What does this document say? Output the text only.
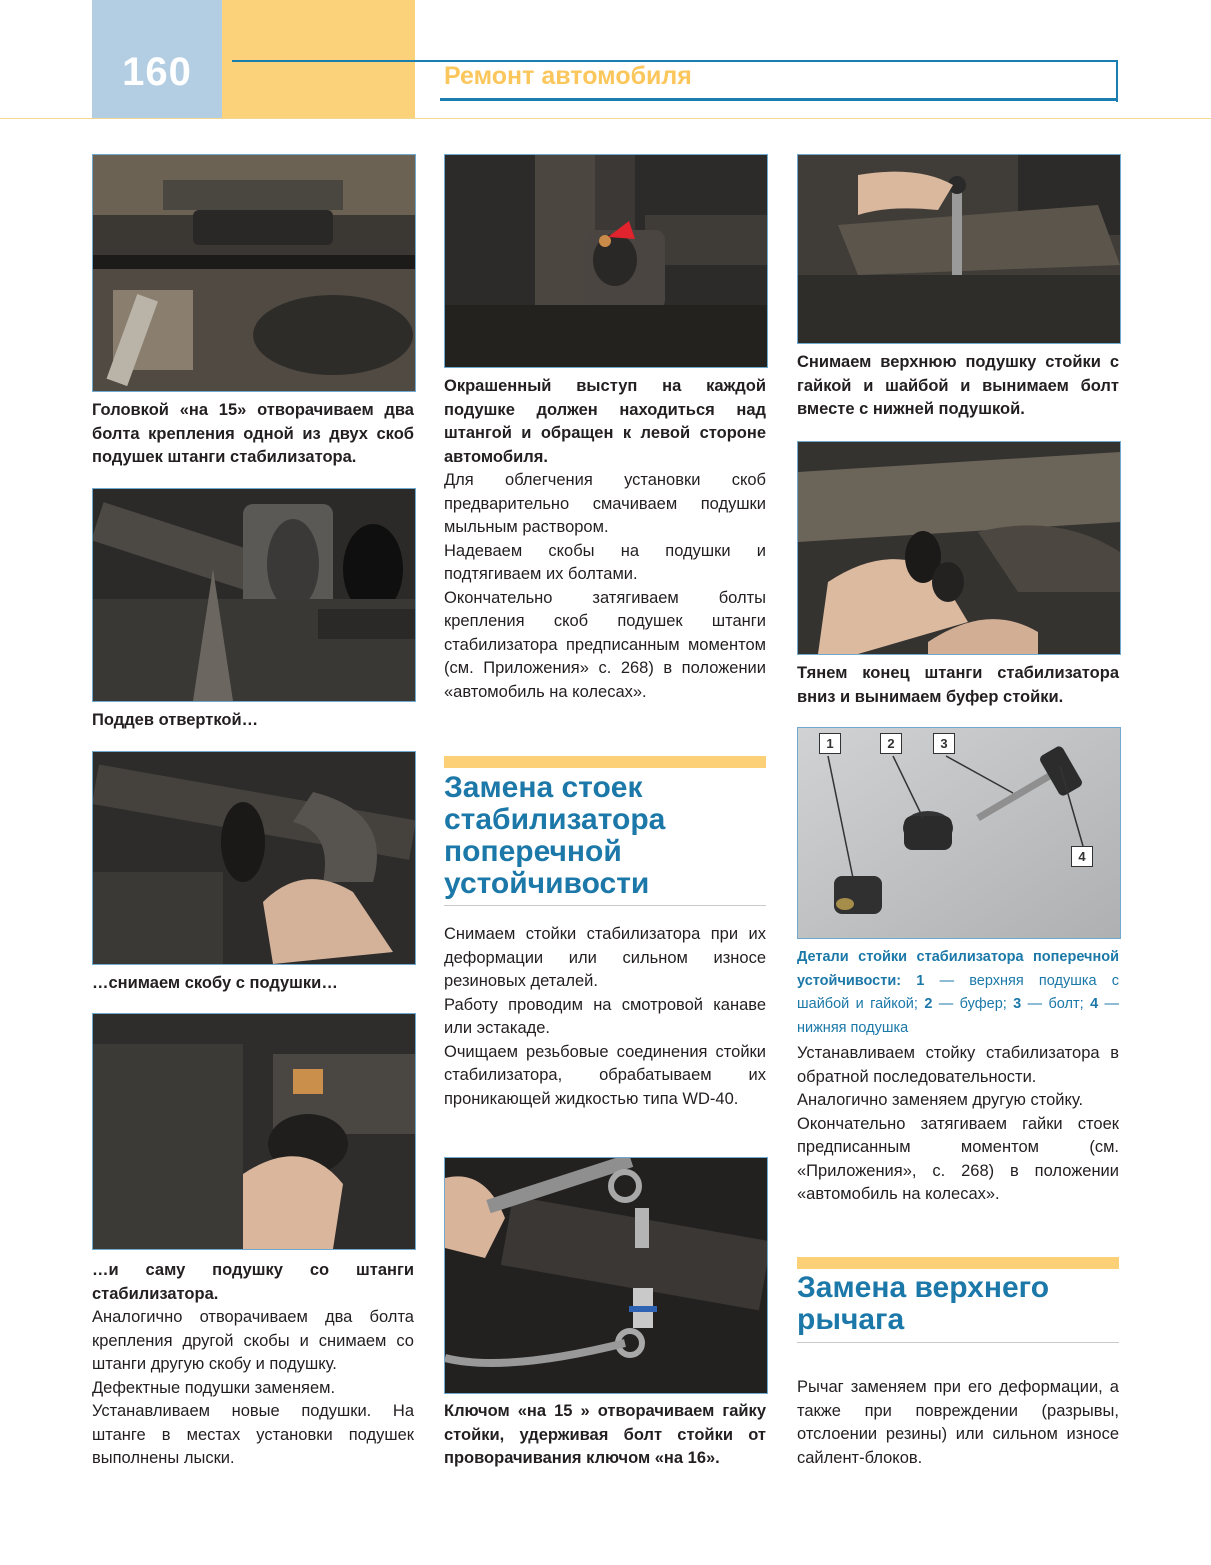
160	Ремонт автомобиля

Головкой «на 15» отворачиваем два болта крепления одной из двух скоб подушек штанги стабилизатора.

Поддев отверткой…

…снимаем скобу с подушки…

…и саму подушку со штанги стабилизатора.

Аналогично отворачиваем два болта крепления другой скобы и снимаем со штанги другую скобу и подушку.

Дефектные подушки заменяем.

Устанавливаем новые подушки. На штанге в местах установки подушек выполнены лыски.

Окрашенный выступ на каждой подушке должен находиться над штангой и обращен к левой стороне автомобиля.

Для облегчения установки скоб предварительно смачиваем подушки мыльным раствором.

Надеваем скобы на подушки и подтягиваем их болтами.

Окончательно затягиваем болты крепления скоб подушек штанги стабилизатора предписанным моментом (см. Приложения» с. 268) в положении «автомобиль на колесах».

Замена стоек
стабилизатора
поперечной
устойчивости

Снимаем стойки стабилизатора при их деформации или сильном износе резиновых деталей.

Работу проводим на смотровой канаве или эстакаде.

Очищаем резьбовые соединения стойки стабилизатора, обрабатываем их проникающей жидкостью типа WD-40.

Ключом «на 15 » отворачиваем гайку стойки, удерживая болт стойки от проворачивания ключом «на 16».

Снимаем верхнюю подушку стойки с гайкой и шайбой и вынимаем болт вместе с нижней подушкой.

Тянем конец штанги стабилизатора вниз и вынимаем буфер стойки.

1	2	3
4
Детали стойки стабилизатора поперечной устойчивости: 1 — верхняя подушка с шайбой и гайкой; 2 — буфер; 3 — болт; 4 — нижняя подушка

Устанавливаем стойку стабилизатора в обратной последовательности.

Аналогично заменяем другую стойку.

Окончательно затягиваем гайки стоек предписанным моментом (см. «Приложения», с. 268) в положении «автомобиль на колесах».

Замена верхнего
рычага

Рычаг заменяем при его деформации, а также при повреждении (разрывы, отслоении резины) или сильном износе сайлент-блоков.
